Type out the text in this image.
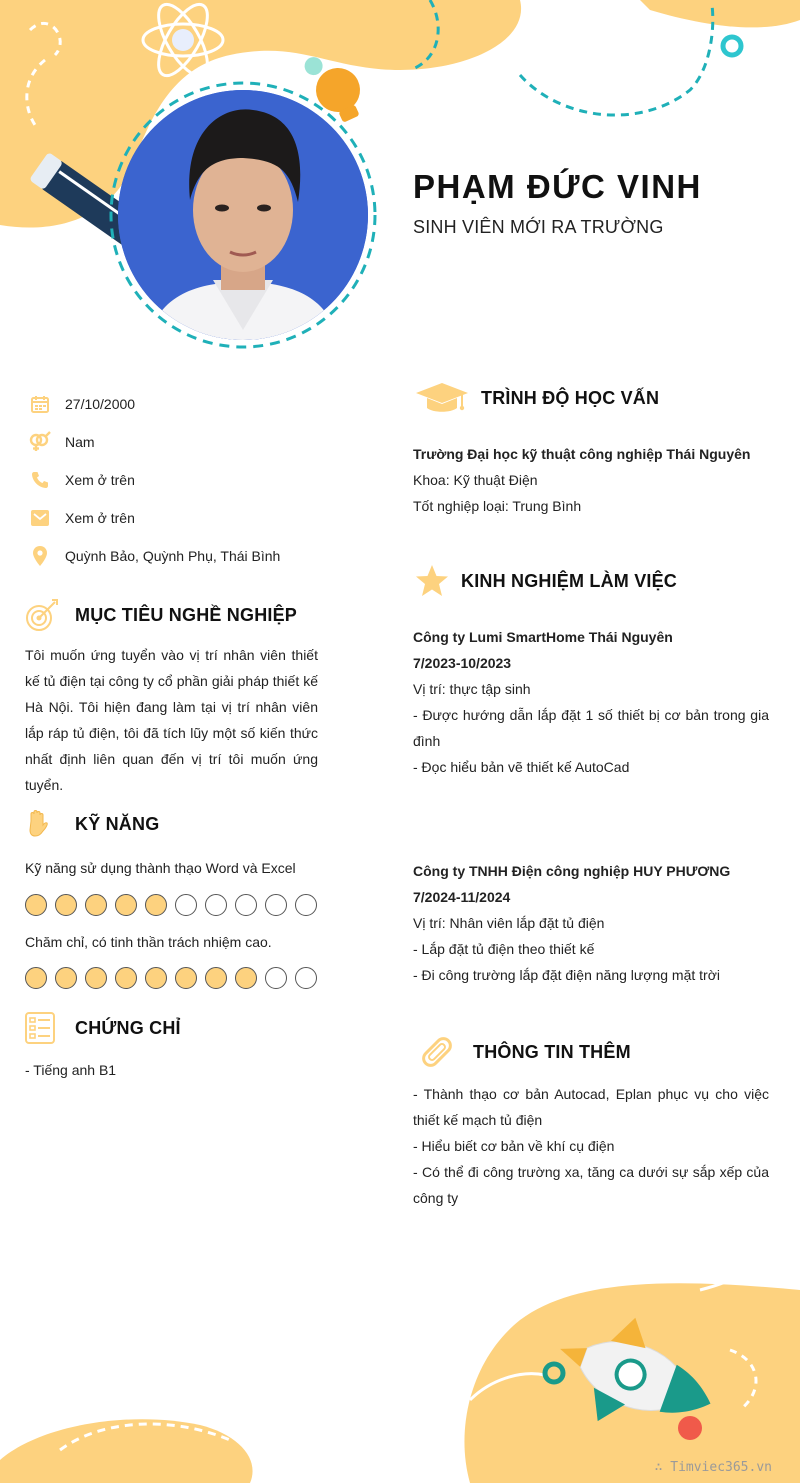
PHẠM ĐỨC VINH
SINH VIÊN MỚI RA TRƯỜNG
27/10/2000
Nam
Xem ở trên
Xem ở trên
Quỳnh Bảo, Quỳnh Phụ, Thái Bình
MỤC TIÊU NGHỀ NGHIỆP
Tôi muốn ứng tuyển vào vị trí nhân viên thiết kế tủ điện tại công ty cổ phần giải pháp thiết kế Hà Nội. Tôi hiện đang làm tại vị trí nhân viên lắp ráp tủ điện, tôi đã tích lũy một số kiến thức nhất định liên quan đến vị trí tôi muốn ứng tuyển.
KỸ NĂNG
Kỹ năng sử dụng thành thạo Word và Excel
Chăm chỉ, có tinh thần trách nhiệm cao.
CHỨNG CHỈ
- Tiếng anh B1
TRÌNH ĐỘ HỌC VẤN
Trường Đại học kỹ thuật công nghiệp Thái Nguyên
Khoa: Kỹ thuật Điện
Tốt nghiệp loại: Trung Bình
KINH NGHIỆM LÀM VIỆC
Công ty Lumi SmartHome Thái Nguyên
7/2023-10/2023
Vị trí: thực tập sinh
- Được hướng dẫn lắp đặt 1 số thiết bị cơ bản trong gia đình
- Đọc hiểu bản vẽ thiết kế AutoCad
Công ty TNHH Điện công nghiệp HUY PHƯƠNG
7/2024-11/2024
Vị trí: Nhân viên lắp đặt tủ điện
- Lắp đặt tủ điện theo thiết kế
- Đi công trường lắp đặt điện năng lượng mặt trời
THÔNG TIN THÊM
- Thành thạo cơ bản Autocad, Eplan phục vụ cho việc thiết kế mạch tủ điện
- Hiểu biết cơ bản về khí cụ điện
- Có thể đi công trường xa, tăng ca dưới sự sắp xếp của công ty
∴ Timviec365.vn
